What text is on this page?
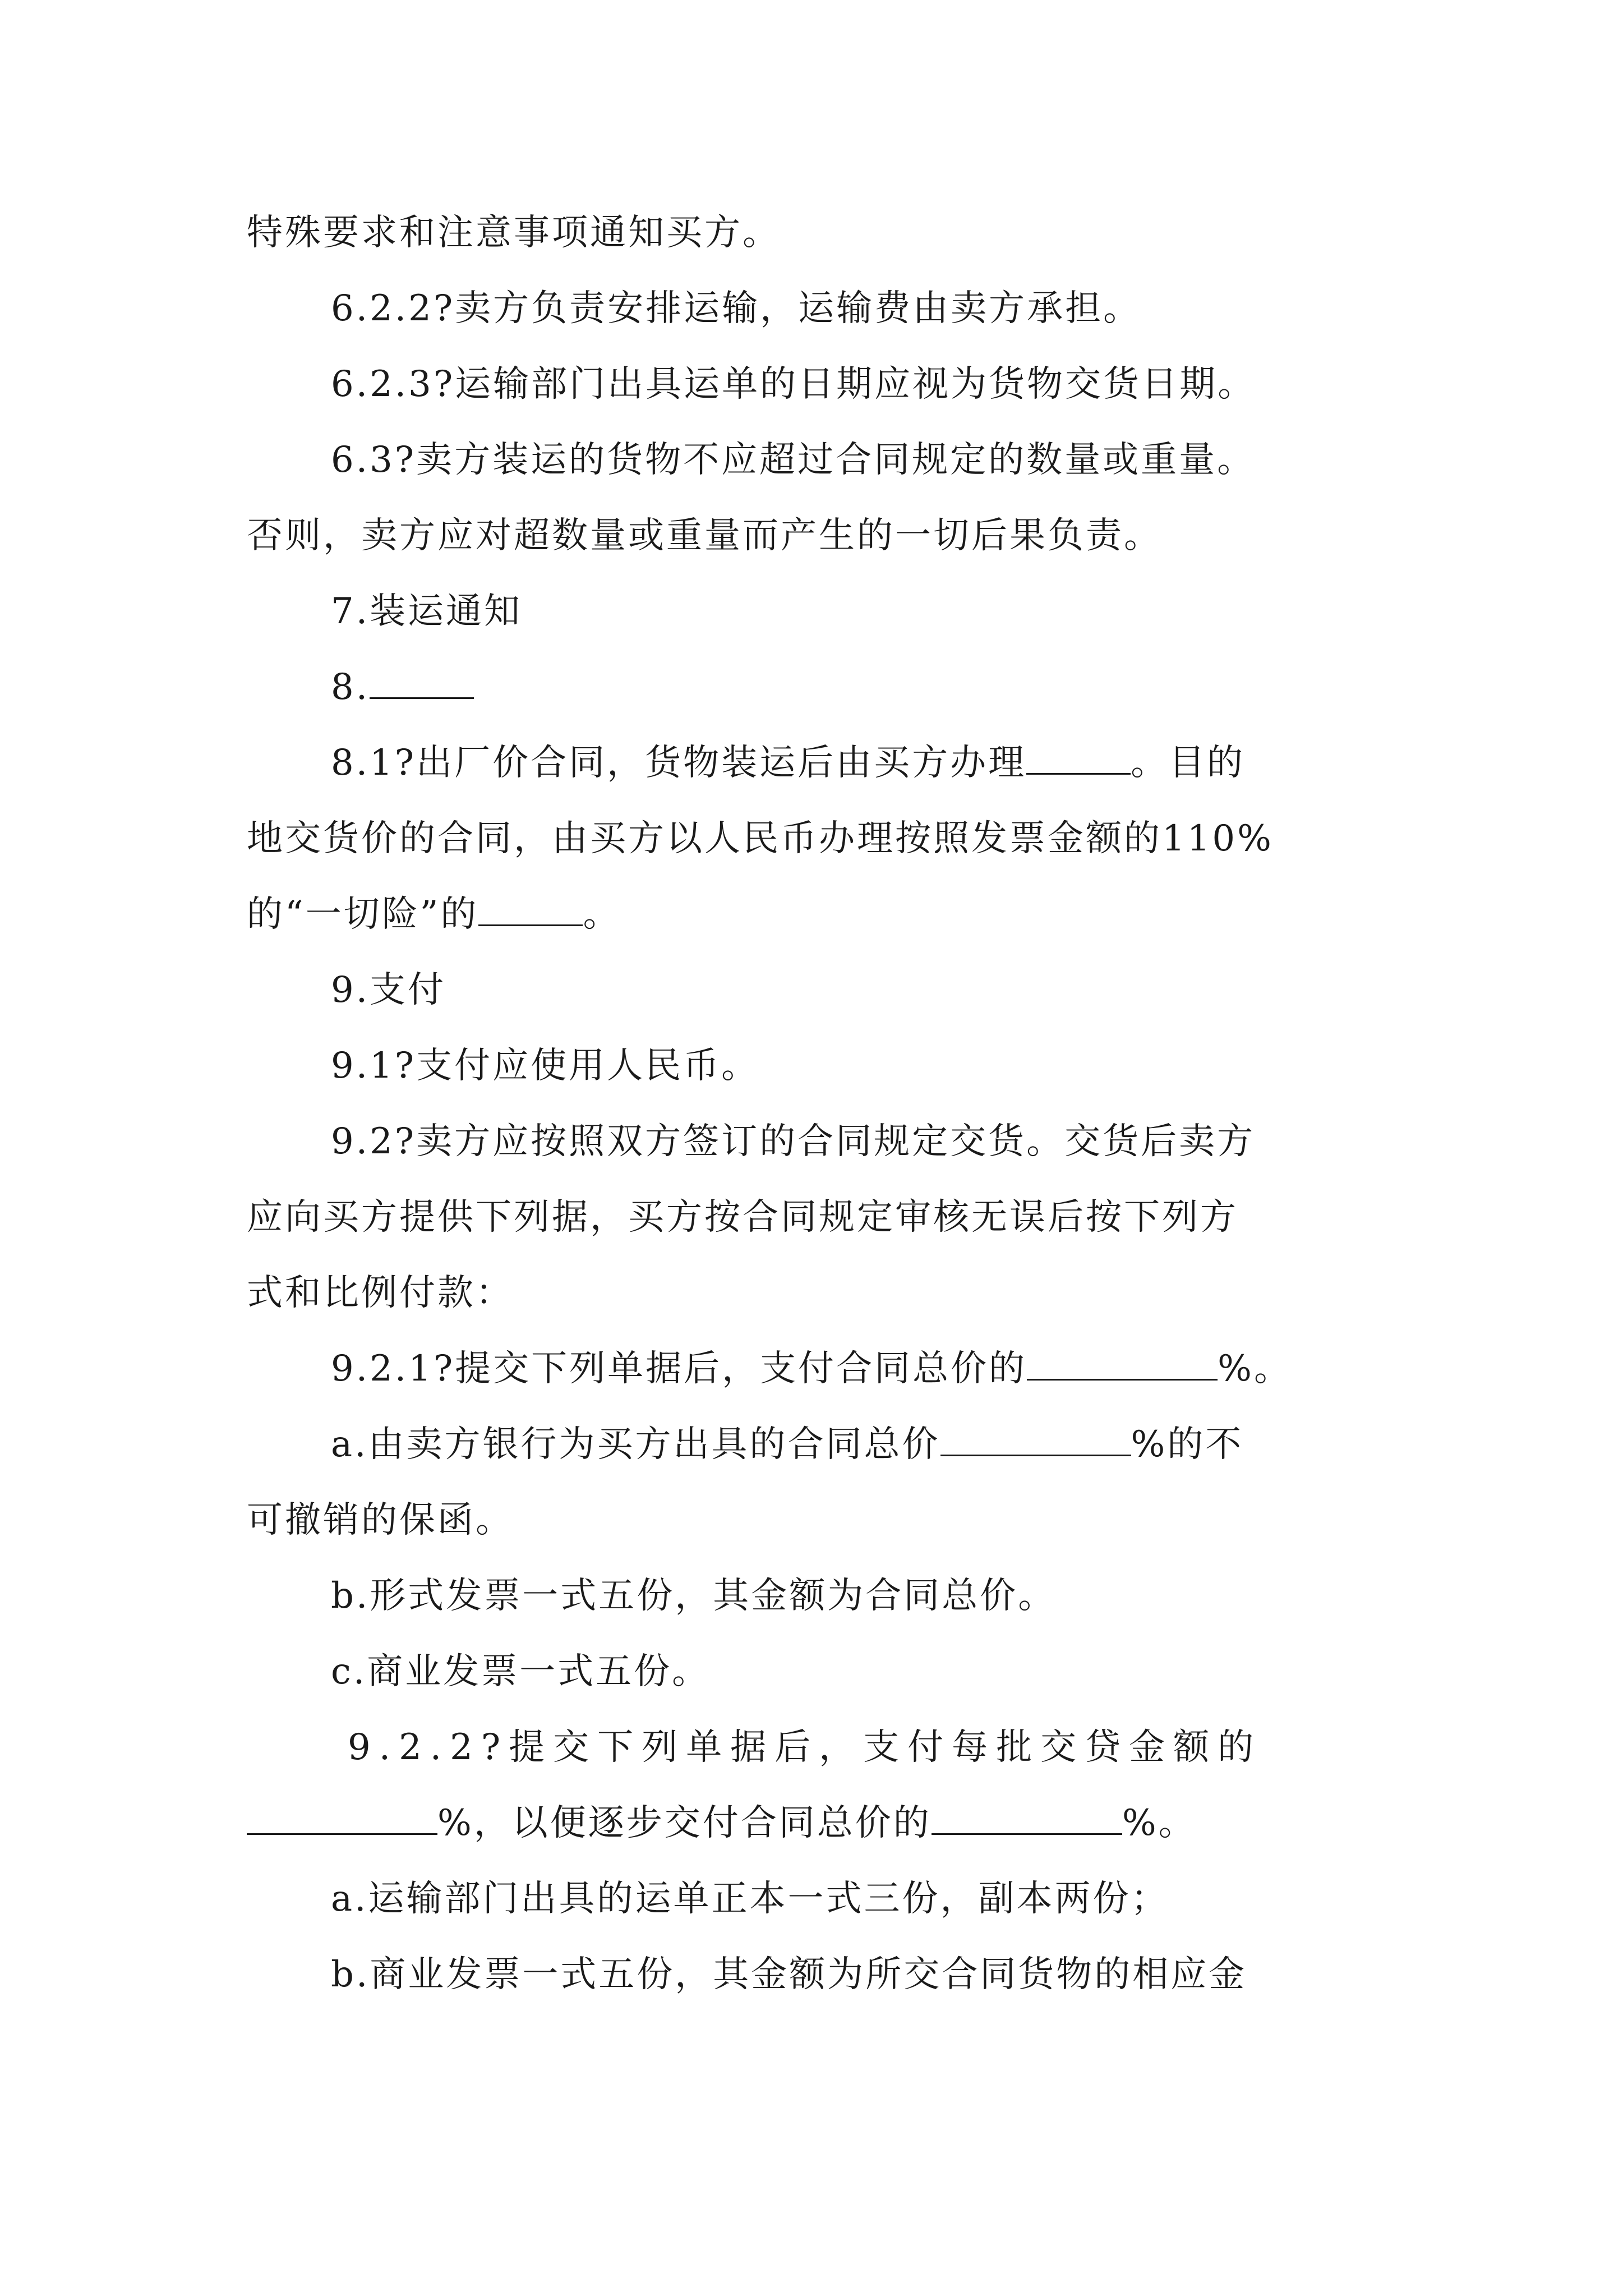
特殊要求和注意事项通知买方。
6.2.2?卖方负责安排运输，运输费由卖方承担。
6.2.3?运输部门出具运单的日期应视为货物交货日期。
6.3?卖方装运的货物不应超过合同规定的数量或重量。
否则，卖方应对超数量或重量而产生的一切后果负责。
7.装运通知
8.
8.1?出厂价合同，货物装运后由买方办理	。目的
地交货价的合同，由买方以人民币办理按照发票金额的110%
的“一切险”的	。
9.支付
9.1?支付应使用人民币。
9.2?卖方应按照双方签订的合同规定交货。交货后卖方
应向买方提供下列据，买方按合同规定审核无误后按下列方
式和比例付款：
9.2.1?提交下列单据后，支付合同总价的	%。
a.由卖方银行为买方出具的合同总价	%的不
可撤销的保函。
b.形式发票一式五份，其金额为合同总价。
c.商业发票一式五份。
9.2.2?提交下列单据后，支付每批交贷金额的
%，以便逐步交付合同总价的	%。
a.运输部门出具的运单正本一式三份，副本两份；
b.商业发票一式五份，其金额为所交合同货物的相应金
